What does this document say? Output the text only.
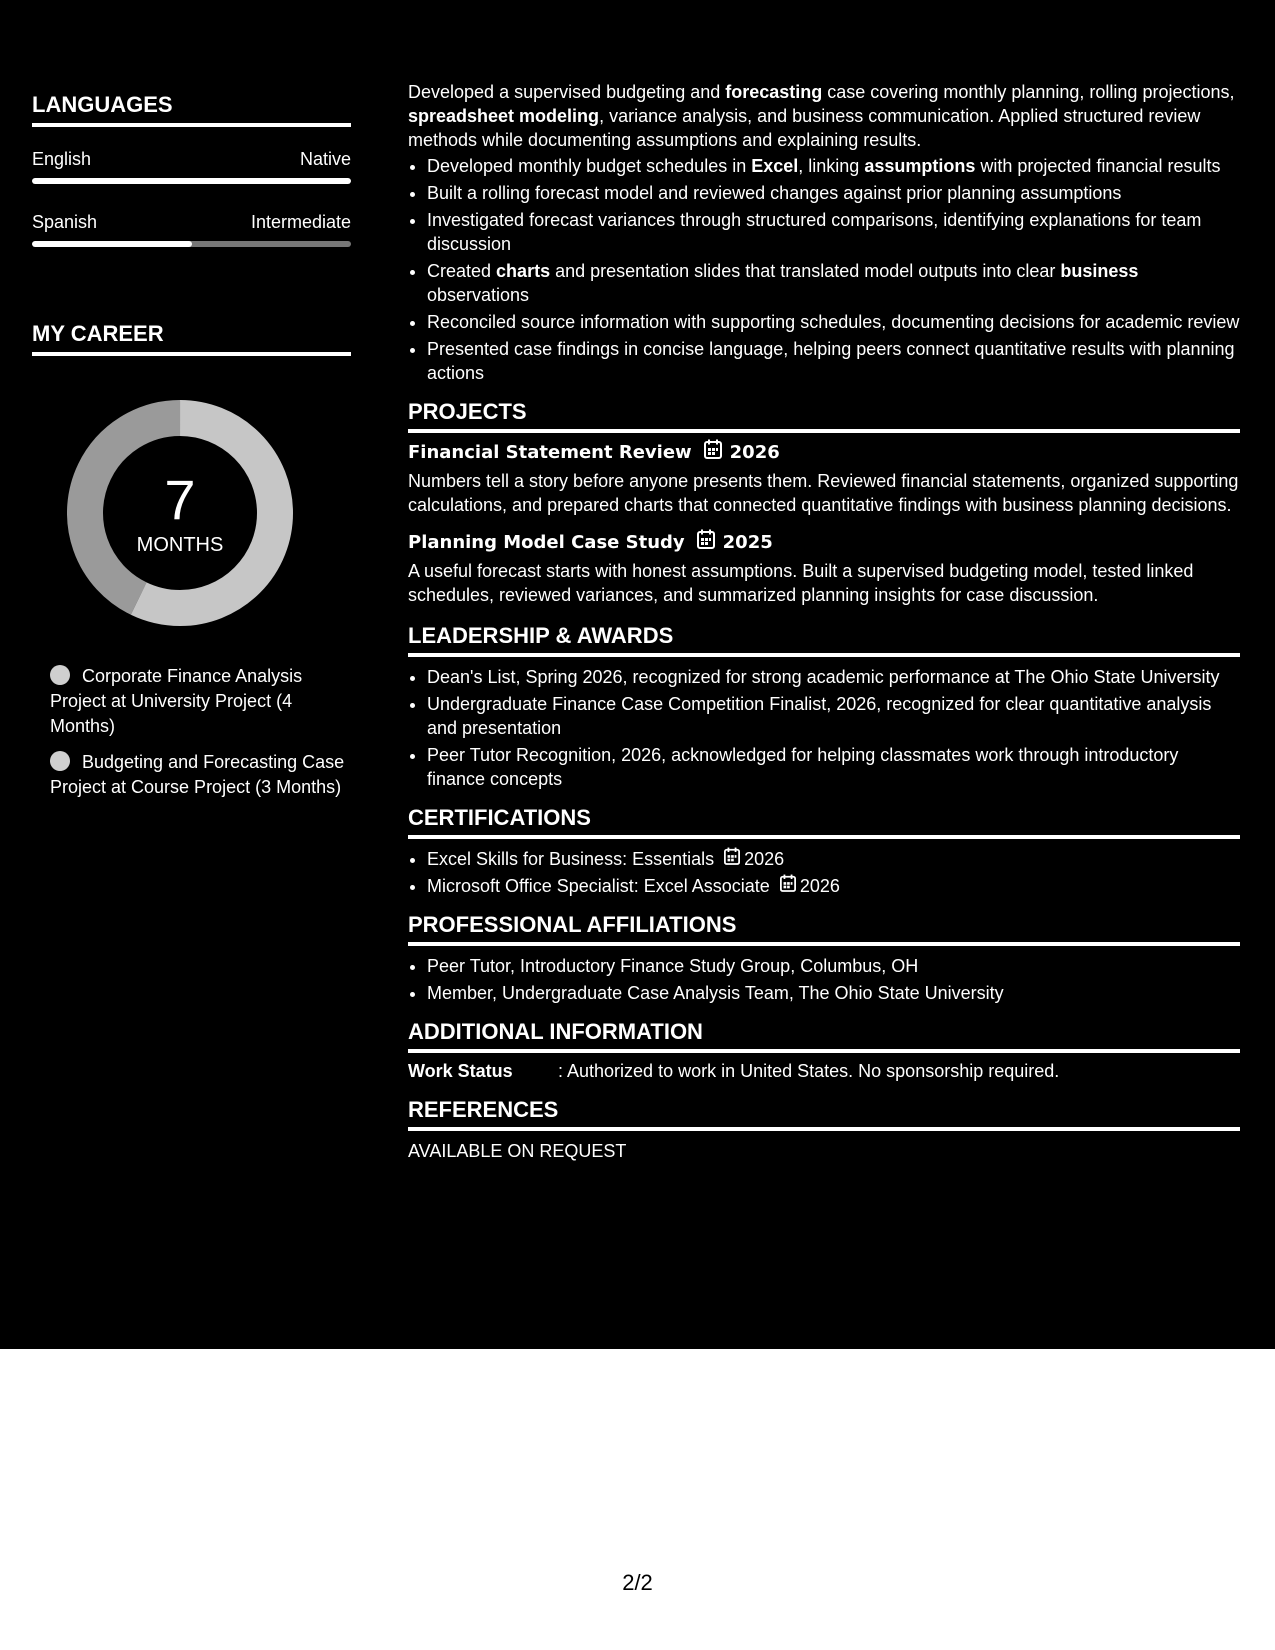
LANGUAGES
English	Native
Spanish	Intermediate
MY CAREER
7
MONTHS
Corporate Finance Analysis Project at University Project (4 Months)
Budgeting and Forecasting Case Project at Course Project (3 Months)

Developed a supervised budgeting and forecasting case covering monthly planning, rolling projections, spreadsheet modeling, variance analysis, and business communication. Applied structured review methods while documenting assumptions and explaining results.

• Developed monthly budget schedules in Excel, linking assumptions with projected financial results
• Built a rolling forecast model and reviewed changes against prior planning assumptions
• Investigated forecast variances through structured comparisons, identifying explanations for team discussion
• Created charts and presentation slides that translated model outputs into clear business observations
• Reconciled source information with supporting schedules, documenting decisions for academic review
• Presented case findings in concise language, helping peers connect quantitative results with planning actions
PROJECTS
Financial Statement Review 2026

Numbers tell a story before anyone presents them. Reviewed financial statements, organized supporting calculations, and prepared charts that connected quantitative findings with business planning decisions.

Planning Model Case Study 2025

A useful forecast starts with honest assumptions. Built a supervised budgeting model, tested linked schedules, reviewed variances, and summarized planning insights for case discussion.

LEADERSHIP & AWARDS
• Dean's List, Spring 2026, recognized for strong academic performance at The Ohio State University
• Undergraduate Finance Case Competition Finalist, 2026, recognized for clear quantitative analysis and presentation
• Peer Tutor Recognition, 2026, acknowledged for helping classmates work through introductory finance concepts
CERTIFICATIONS
• Excel Skills for Business: Essentials 2026
• Microsoft Office Specialist: Excel Associate 2026
PROFESSIONAL AFFILIATIONS
• Peer Tutor, Introductory Finance Study Group, Columbus, OH
• Member, Undergraduate Case Analysis Team, The Ohio State University
ADDITIONAL INFORMATION
Work Status	: Authorized to work in United States. No sponsorship required.
REFERENCES

AVAILABLE ON REQUEST

2/2
